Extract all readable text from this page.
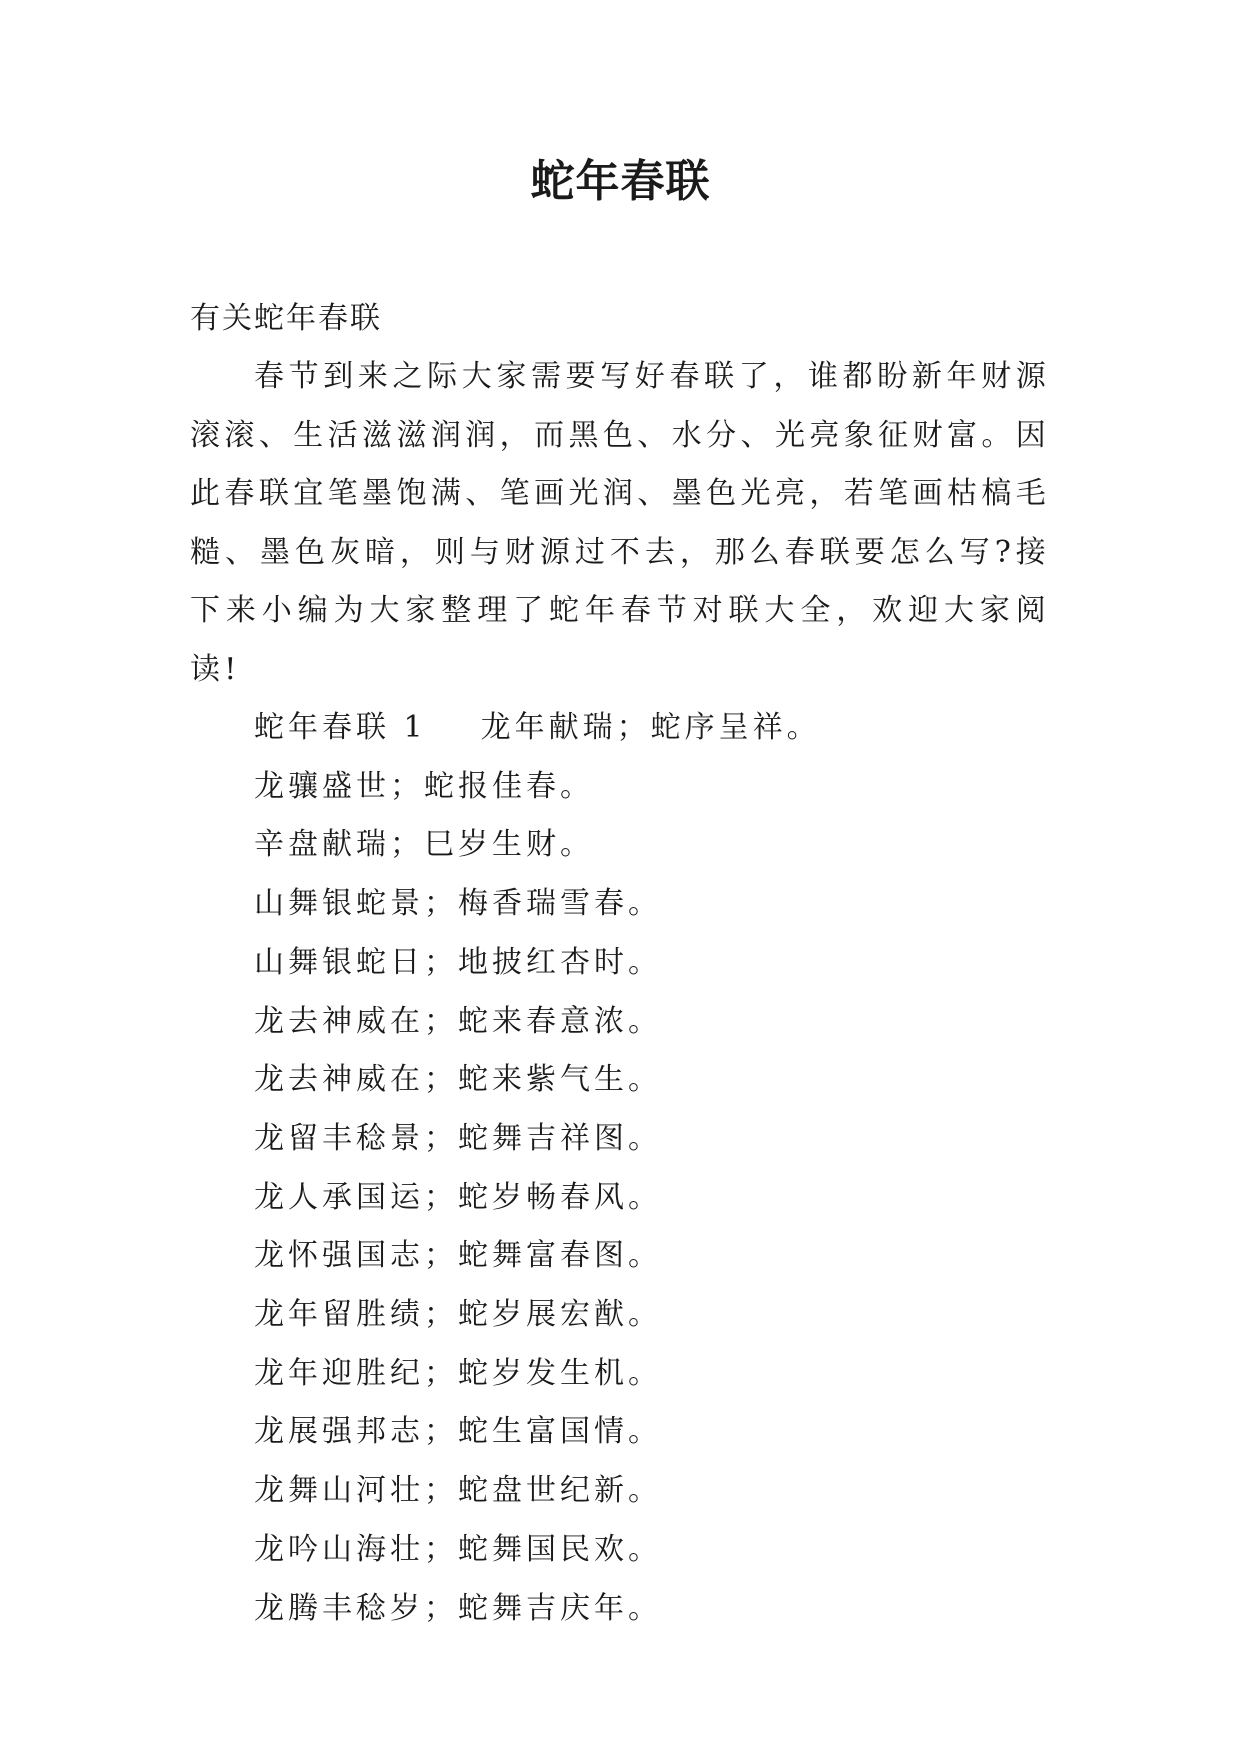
蛇年春联

有关蛇年春联

春节到来之际大家需要写好春联了，谁都盼新年财源滚滚、生活滋滋润润，而黑色、水分、光亮象征财富。因此春联宜笔墨饱满、笔画光润、墨色光亮，若笔画枯槁毛糙、墨色灰暗，则与财源过不去，那么春联要怎么写?接下来小编为大家整理了蛇年春节对联大全，欢迎大家阅读!

蛇年春联 1 龙年献瑞；蛇序呈祥。
龙骧盛世；蛇报佳春。
辛盘献瑞；巳岁生财。
山舞银蛇景；梅香瑞雪春。
山舞银蛇日；地披红杏时。
龙去神威在；蛇来春意浓。
龙去神威在；蛇来紫气生。
龙留丰稔景；蛇舞吉祥图。
龙人承国运；蛇岁畅春风。
龙怀强国志；蛇舞富春图。
龙年留胜绩；蛇岁展宏猷。
龙年迎胜纪；蛇岁发生机。
龙展强邦志；蛇生富国情。
龙舞山河壮；蛇盘世纪新。
龙吟山海壮；蛇舞国民欢。
龙腾丰稔岁；蛇舞吉庆年。
